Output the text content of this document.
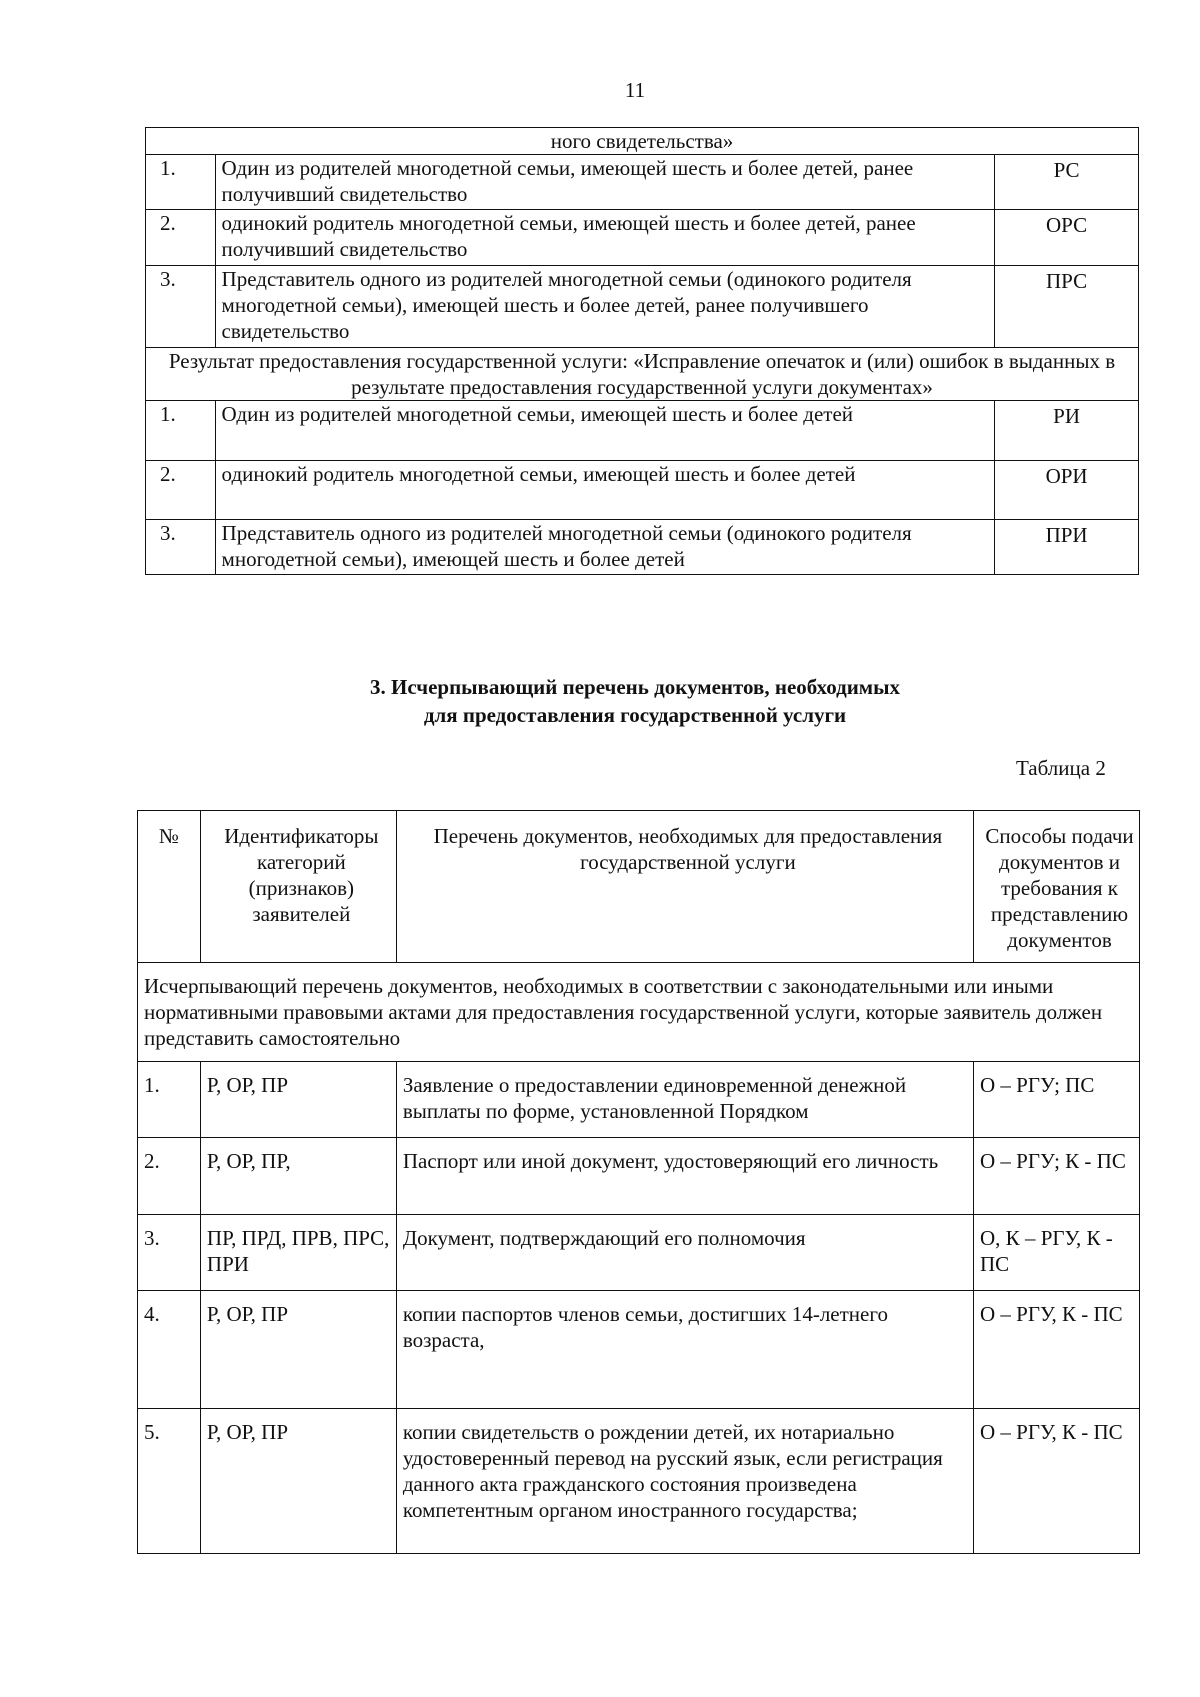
11
ного свидетельства»		
1.	Один из родителей многодетной семьи, имеющей шесть и более детей, ранее получивший свидетельство	РС
2.	одинокий родитель многодетной семьи, имеющей шесть и более детей, ранее получивший свидетельство	ОРС
3.	Представитель одного из родителей многодетной семьи (одинокого родителя многодетной семьи), имеющей шесть и более детей, ранее получившего свидетельство	ПРС
Результат предоставления государственной услуги: «Исправление опечаток и (или) ошибок в выданных в результате предоставления государственной услуги документах»		
1.	Один из родителей многодетной семьи, имеющей шесть и более детей	РИ
2.	одинокий родитель многодетной семьи, имеющей шесть и более детей	ОРИ
3.	Представитель одного из родителей многодетной семьи (одинокого родителя многодетной семьи), имеющей шесть и более детей	ПРИ
3. Исчерпывающий перечень документов, необходимых
для предоставления государственной услуги
Таблица 2
№	Идентификаторы категорий (признаков) заявителей	Перечень документов, необходимых для предоставления государственной услуги	Способы подачи документов и требования к представлению документов
Исчерпывающий перечень документов, необходимых в соответствии с законодательными или иными нормативными правовыми актами для предоставления государственной услуги, которые заявитель должен представить самостоятельно			
1.	Р, ОР, ПР	Заявление о предоставлении единовременной денежной выплаты по форме, установленной Порядком	О – РГУ; ПС
2.	Р, ОР, ПР,	Паспорт или иной документ, удостоверяющий его личность	О – РГУ; К - ПС
3.	ПР, ПРД, ПРВ, ПРС, ПРИ	Документ, подтверждающий его полномочия	О, К – РГУ, К - ПС
4.	Р, ОР, ПР	копии паспортов членов семьи, достигших 14-летнего возраста,	О – РГУ, К - ПС
5.	Р, ОР, ПР	копии свидетельств о рождении детей, их нотариально удостоверенный перевод на русский язык, если регистрация данного акта гражданского состояния произведена компетентным органом иностранного государства;	О – РГУ, К - ПС
